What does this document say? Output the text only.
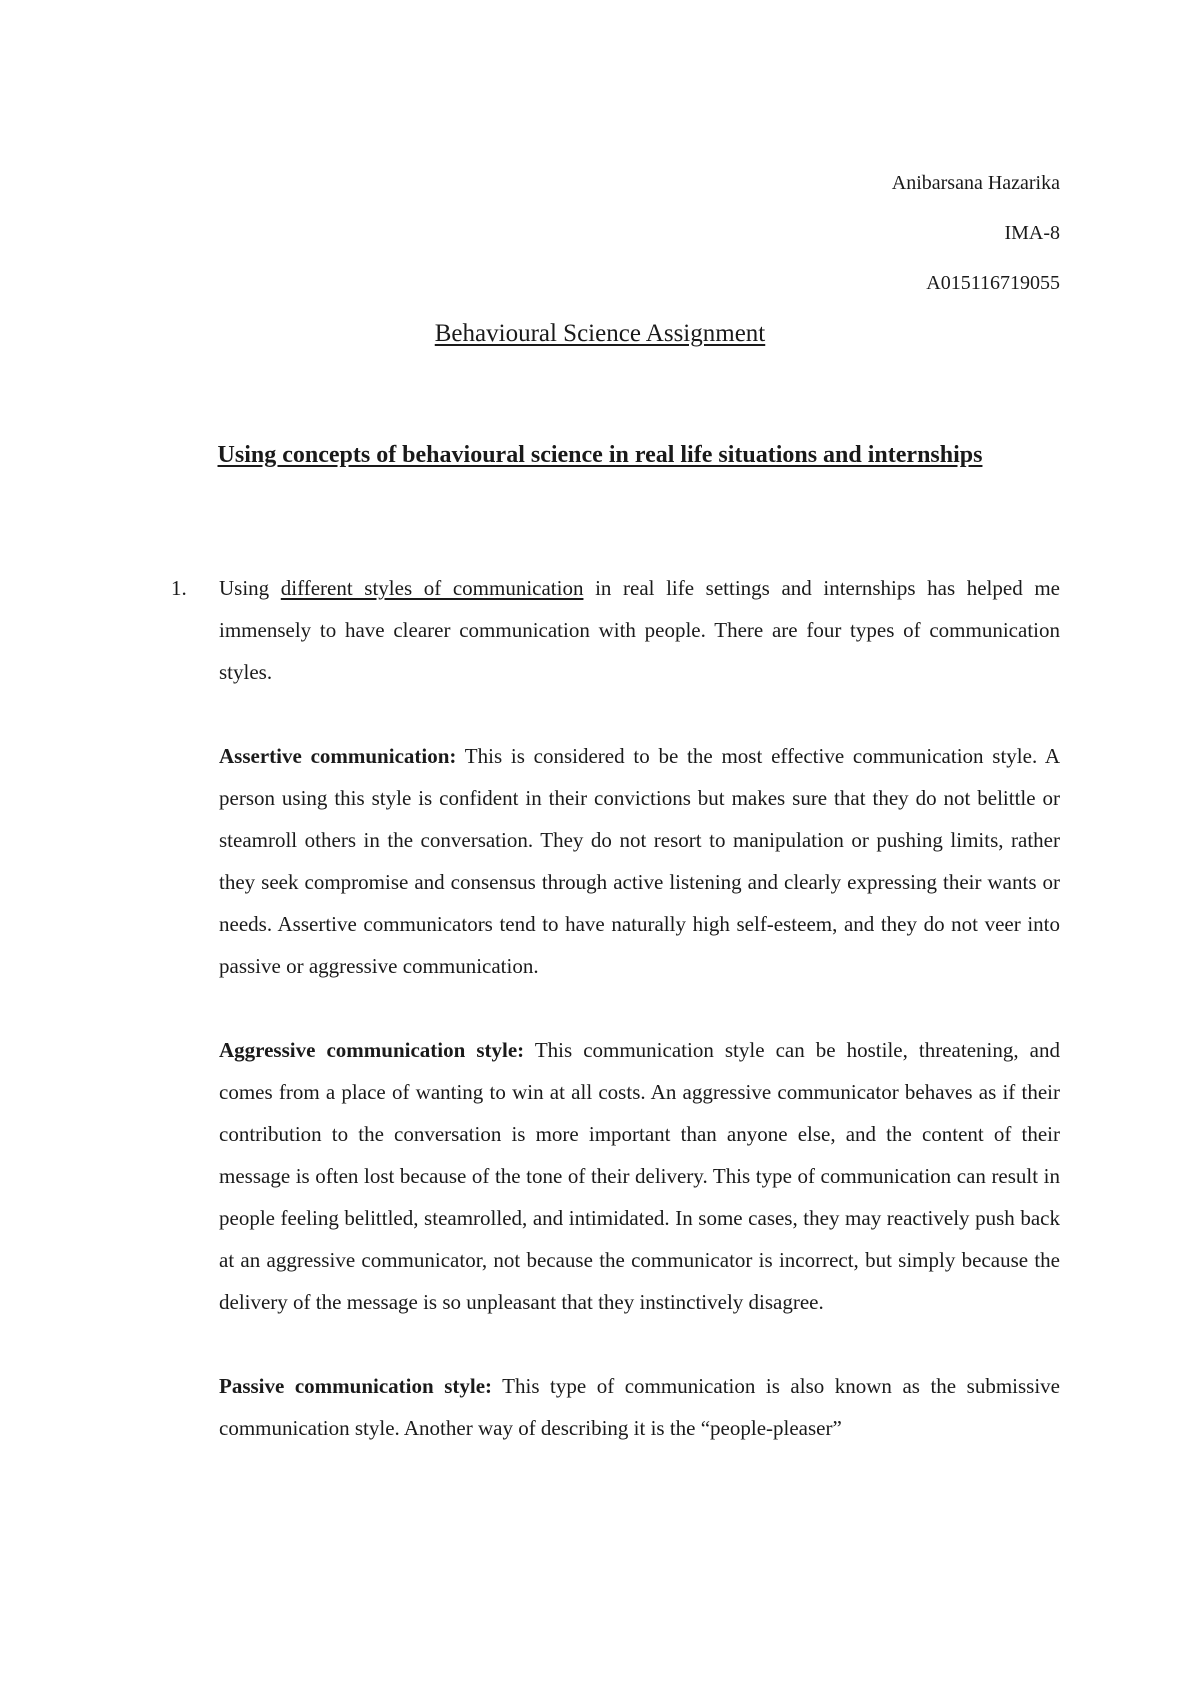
Anibarsana Hazarika
IMA-8
A015116719055
Behavioural Science Assignment
Using concepts of behavioural science in real life situations and internships
1. Using different styles of communication in real life settings and internships has helped me immensely to have clearer communication with people. There are four types of communication styles.

Assertive communication: This is considered to be the most effective communication style. A person using this style is confident in their convictions but makes sure that they do not belittle or steamroll others in the conversation. They do not resort to manipulation or pushing limits, rather they seek compromise and consensus through active listening and clearly expressing their wants or needs. Assertive communicators tend to have naturally high self-esteem, and they do not veer into passive or aggressive communication.

Aggressive communication style: This communication style can be hostile, threatening, and comes from a place of wanting to win at all costs. An aggressive communicator behaves as if their contribution to the conversation is more important than anyone else, and the content of their message is often lost because of the tone of their delivery. This type of communication can result in people feeling belittled, steamrolled, and intimidated. In some cases, they may reactively push back at an aggressive communicator, not because the communicator is incorrect, but simply because the delivery of the message is so unpleasant that they instinctively disagree.

Passive communication style: This type of communication is also known as the submissive communication style. Another way of describing it is the “people-pleaser”
